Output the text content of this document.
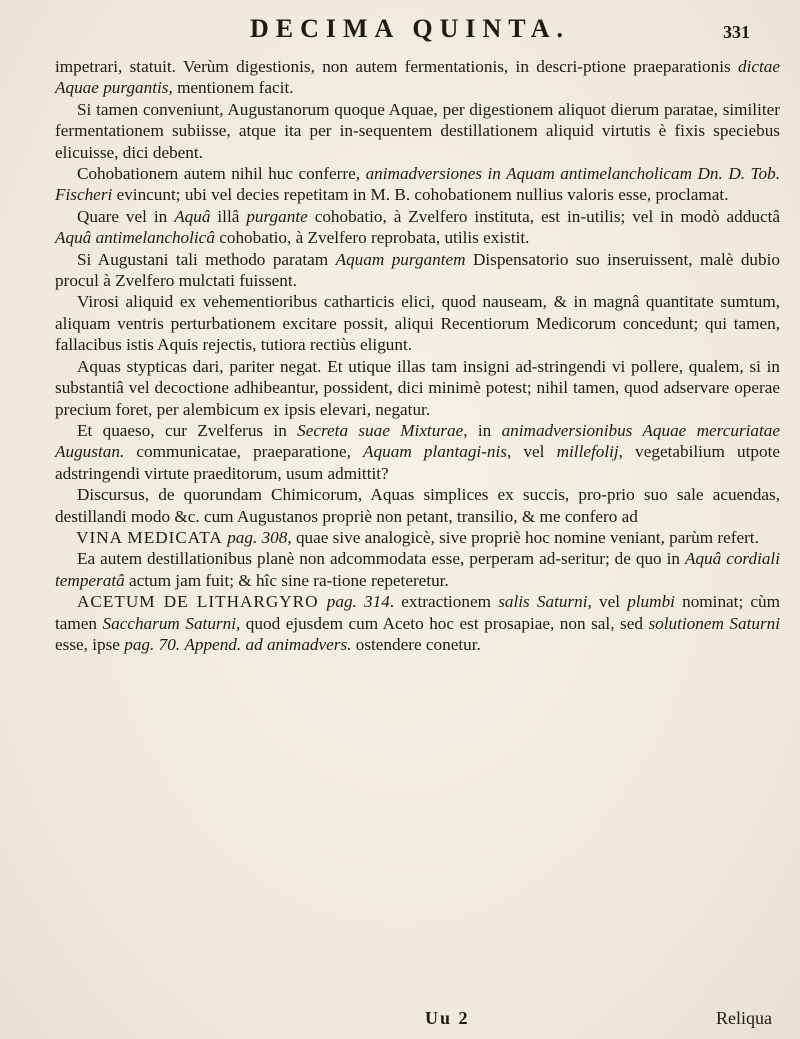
DECIMA QUINTA.	331

impetrari, statuit. Verùm digestionis, non autem fermentationis, in descri-ptione praeparationis dictae Aquae purgantis, mentionem facit.

Si tamen conveniunt, Augustanorum quoque Aquae, per digestionem aliquot dierum paratae, similiter fermentationem subiisse, atque ita per in-sequentem destillationem aliquid virtutis è fixis speciebus elicuisse, dici debent.

Cohobationem autem nihil huc conferre, animadversiones in Aquam antimelancholicam Dn. D. Tob. Fischeri evincunt; ubi vel decies repetitam in M. B. cohobationem nullius valoris esse, proclamat.

Quare vel in Aquâ illâ purgante cohobatio, à Zvelfero instituta, est in-utilis; vel in modò adductâ Aquâ antimelancholicâ cohobatio, à Zvelfero reprobata, utilis existit.

Si Augustani tali methodo paratam Aquam purgantem Dispensatorio suo inseruissent, malè dubio procul à Zvelfero mulctati fuissent.

Virosi aliquid ex vehementioribus catharticis elici, quod nauseam, & in magnâ quantitate sumtum, aliquam ventris perturbationem excitare possit, aliqui Recentiorum Medicorum concedunt; qui tamen, fallacibus istis Aquis rejectis, tutiora rectiùs eligunt.

Aquas stypticas dari, pariter negat. Et utique illas tam insigni ad-stringendi vi pollere, qualem, si in substantiâ vel decoctione adhibeantur, possident, dici minimè potest; nihil tamen, quod adservare operae precium foret, per alembicum ex ipsis elevari, negatur.

Et quaeso, cur Zvelferus in Secreta suae Mixturae, in animadversionibus Aquae mercuriatae Augustan. communicatae, praeparatione, Aquam plantagi-nis, vel millefolij, vegetabilium utpote adstringendi virtute praeditorum, usum admittit?

Discursus, de quorundam Chimicorum, Aquas simplices ex succis, pro-prio suo sale acuendas, destillandi modo &c. cum Augustanos propriè non petant, transilio, & me confero ad

VINA MEDICATA pag. 308, quae sive analogicè, sive propriè hoc nomine veniant, parùm refert.

Ea autem destillationibus planè non adcommodata esse, perperam ad-seritur; de quo in Aquâ cordiali temperatâ actum jam fuit; & hîc sine ra-tione repeteretur.

ACETUM DE LITHARGYRO pag. 314. extractionem salis Saturni, vel plumbi nominat; cùm tamen Saccharum Saturni, quod ejusdem cum Aceto hoc est prosapiae, non sal, sed solutionem Saturni esse, ipse pag. 70. Append. ad animadvers. ostendere conetur.

Uu 2	Reliqua
